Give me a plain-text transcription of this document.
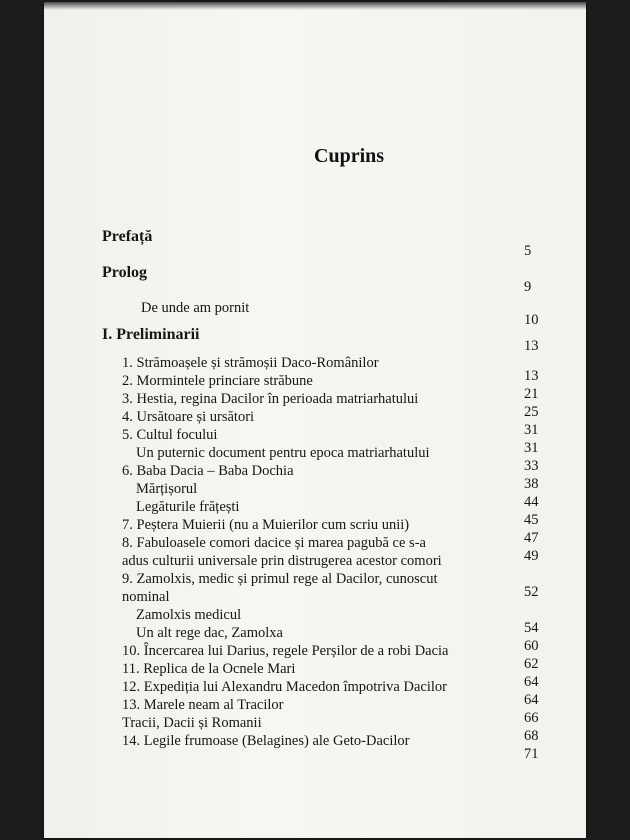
Cuprins
Prefață
5
Prolog
9
De unde am pornit
10
I. Preliminarii
13
1. Strămoașele și strămoșii Daco-Românilor
13
2. Mormintele princiare străbune
21
3. Hestia, regina Dacilor în perioada matriarhatului
25
4. Ursătoare și ursători
31
5. Cultul focului
31
Un puternic document pentru epoca matriarhatului
33
6. Baba Dacia – Baba Dochia
38
Mărțișorul
44
Legăturile frățești
45
7. Peștera Muierii (nu a Muierilor cum scriu unii)
47
8. Fabuloasele comori dacice și marea pagubă ce s-a
49
adus culturii universale prin distrugerea acestor comori
9. Zamolxis, medic și primul rege al Dacilor, cunoscut
52
nominal
Zamolxis medicul
54
Un alt rege dac, Zamolxa
60
10. Încercarea lui Darius, regele Perșilor de a robi Dacia
62
11. Replica de la Ocnele Mari
64
12. Expediția lui Alexandru Macedon împotriva Dacilor
64
13. Marele neam al Tracilor
66
Tracii, Dacii și Romanii
68
14. Legile frumoase (Belagines) ale Geto-Dacilor
71
